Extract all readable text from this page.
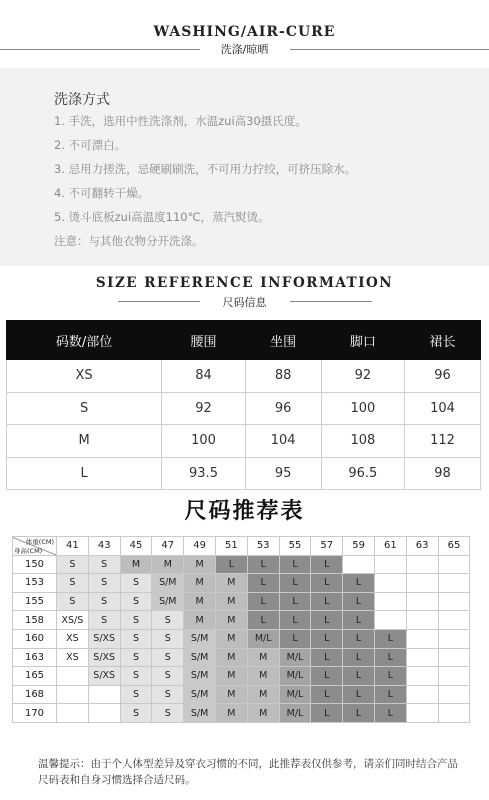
WASHING/AIR-CURE
洗涤/晾晒
洗涤方式
1. 手洗，选用中性洗涤剂，水温zui高30摄氏度。
2. 不可漂白。
3. 忌用力搓洗，忌硬刷刷洗，不可用力拧绞，可挤压除水。
4. 不可翻转干燥。
5. 烫斗底板zui高温度110℃，蒸汽熨烫。
注意：与其他衣物分开洗涤。
SIZE REFERENCE INFORMATION
尺码信息
码数/部位	腰围	坐围	脚口	裙长
XS	84	88	92	96
S	92	96	100	104
M	100	104	108	112
L	93.5	95	96.5	98
尺码推荐表
体重(CM)
身高(CM)	41	43	45	47	49	51	53	55	57	59	61	63	65
150	S	S	M	M	M	L	L	L	L				
153	S	S	S	S/M	M	M	L	L	L	L			
155	S	S	S	S/M	M	M	L	L	L	L			
158	XS/S	S	S	S	M	M	L	L	L	L			
160	XS	S/XS	S	S	S/M	M	M/L	L	L	L	L		
163	XS	S/XS	S	S	S/M	M	M	M/L	L	L	L		
165		S/XS	S	S	S/M	M	M	M/L	L	L	L		
168			S	S	S/M	M	M	M/L	L	L	L		
170			S	S	S/M	M	M	M/L	L	L	L		
温馨提示：由于个人体型差异及穿衣习惯的不同，此推荐表仅供参考，请亲们同时结合产品尺码表和自身习惯选择合适尺码。
